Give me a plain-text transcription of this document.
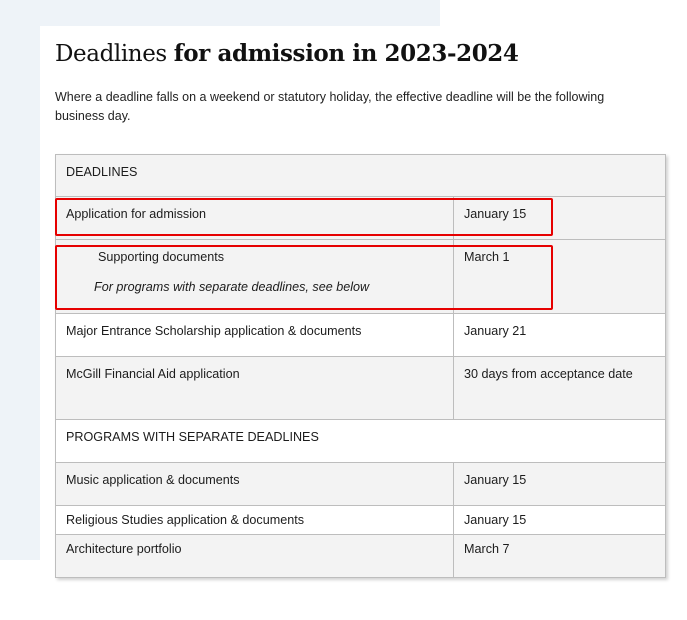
Deadlines for admission in 2023-2024

Where a deadline falls on a weekend or statutory holiday, the effective deadline will be the following business day.

DEADLINES	
Application for admission	January 15

Supporting documents
For programs with separate deadlines, see below	March 1
Major Entrance Scholarship application & documents	January 21
McGill Financial Aid application	30 days from acceptance date
PROGRAMS WITH SEPARATE DEADLINES	
Music application & documents	January 15
Religious Studies application & documents	January 15
Architecture portfolio	March 7
